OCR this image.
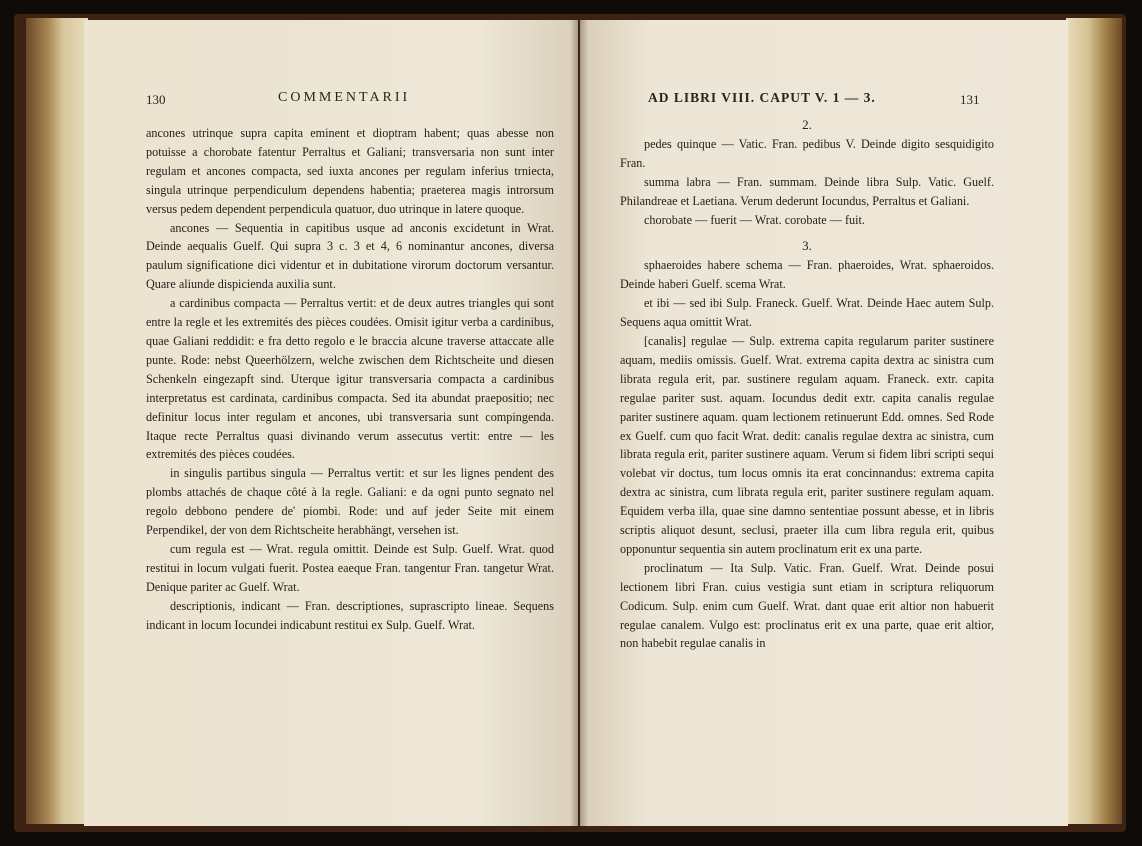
130	COMMENTARII

ancones utrinque supra capita eminent et dioptram habent; quas abesse non potuisse a chorobate fatentur Perraltus et Galiani; transversaria non sunt inter regulam et ancones compacta, sed iuxta ancones per regulam inferius trniecta, singula utrinque perpendiculum dependens habentia; praeterea magis introrsum versus pedem dependent perpendicula quatuor, duo utrinque in latere quoque.

ancones — Sequentia in capitibus usque ad anconis excidetunt in Wrat. Deinde aequalis Guelf. Qui supra 3 c. 3 et 4, 6 nominantur ancones, diversa paulum significatione dici videntur et in dubitatione virorum doctorum versantur. Quare aliunde dispicienda auxilia sunt.

a cardinibus compacta — Perraltus vertit: et de deux autres triangles qui sont entre la regle et les extremités des pièces coudées. Omisit igitur verba a cardinibus, quae Galiani reddidit: e fra detto regolo e le braccia alcune traverse attaccate alle punte. Rode: nebst Queerhölzern, welche zwischen dem Richtscheite und diesen Schenkeln eingezapft sind. Uterque igitur transversaria compacta a cardinibus interpretatus est cardinata, cardinibus compacta. Sed ita abundat praepositio; nec definitur locus inter regulam et ancones, ubi transversaria sunt compingenda. Itaque recte Perraltus quasi divinando verum assecutus vertit: entre — les extremités des pièces coudées.

in singulis partibus singula — Perraltus vertit: et sur les lignes pendent des plombs attachés de chaque côté à la regle. Galiani: e da ogni punto segnato nel regolo debbono pendere de' piombi. Rode: und auf jeder Seite mit einem Perpendikel, der von dem Richtscheite herabhängt, versehen ist.

cum regula est — Wrat. regula omittit. Deinde est Sulp. Guelf. Wrat. quod restitui in locum vulgati fuerit. Postea eaeque Fran. tangentur Fran. tangetur Wrat. Denique pariter ac Guelf. Wrat.

descriptionis, indicant — Fran. descriptiones, suprascripto lineae. Sequens indicant in locum Iocundei indicabunt restitui ex Sulp. Guelf. Wrat.

AD LIBRI VIII. CAPUT V. 1 — 3.	131

2.

pedes quinque — Vatic. Fran. pedibus V. Deinde digito sesquidigito Fran.

summa labra — Fran. summam. Deinde libra Sulp. Vatic. Guelf. Philandreae et Laetiana. Verum dederunt Iocundus, Perraltus et Galiani.

chorobate — fuerit — Wrat. corobate — fuit.

3.

sphaeroides habere schema — Fran. phaeroides, Wrat. sphaeroidos. Deinde haberi Guelf. scema Wrat.

et ibi — sed ibi Sulp. Franeck. Guelf. Wrat. Deinde Haec autem Sulp. Sequens aqua omittit Wrat.

[canalis] regulae — Sulp. extrema capita regularum pariter sustinere aquam, mediis omissis. Guelf. Wrat. extrema capita dextra ac sinistra cum librata regula erit, par. sustinere regulam aquam. Franeck. extr. capita regulae pariter sust. aquam. Iocundus dedit extr. capita canalis regulae pariter sustinere aquam. quam lectionem retinuerunt Edd. omnes. Sed Rode ex Guelf. cum quo facit Wrat. dedit: canalis regulae dextra ac sinistra, cum librata regula erit, pariter sustinere aquam. Verum si fidem libri scripti sequi volebat vir doctus, tum locus omnis ita erat concinnandus: extrema capita dextra ac sinistra, cum librata regula erit, pariter sustinere regulam aquam. Equidem verba illa, quae sine damno sententiae possunt abesse, et in libris scriptis aliquot desunt, seclusi, praeter illa cum libra regula erit, quibus opponuntur sequentia sin autem proclinatum erit ex una parte.

proclinatum — Ita Sulp. Vatic. Fran. Guelf. Wrat. Deinde posui lectionem libri Fran. cuius vestigia sunt etiam in scriptura reliquorum Codicum. Sulp. enim cum Guelf. Wrat. dant quae erit altior non habuerit regulae canalem. Vulgo est: proclinatus erit ex una parte, quae erit altior, non habebit regulae canalis in
